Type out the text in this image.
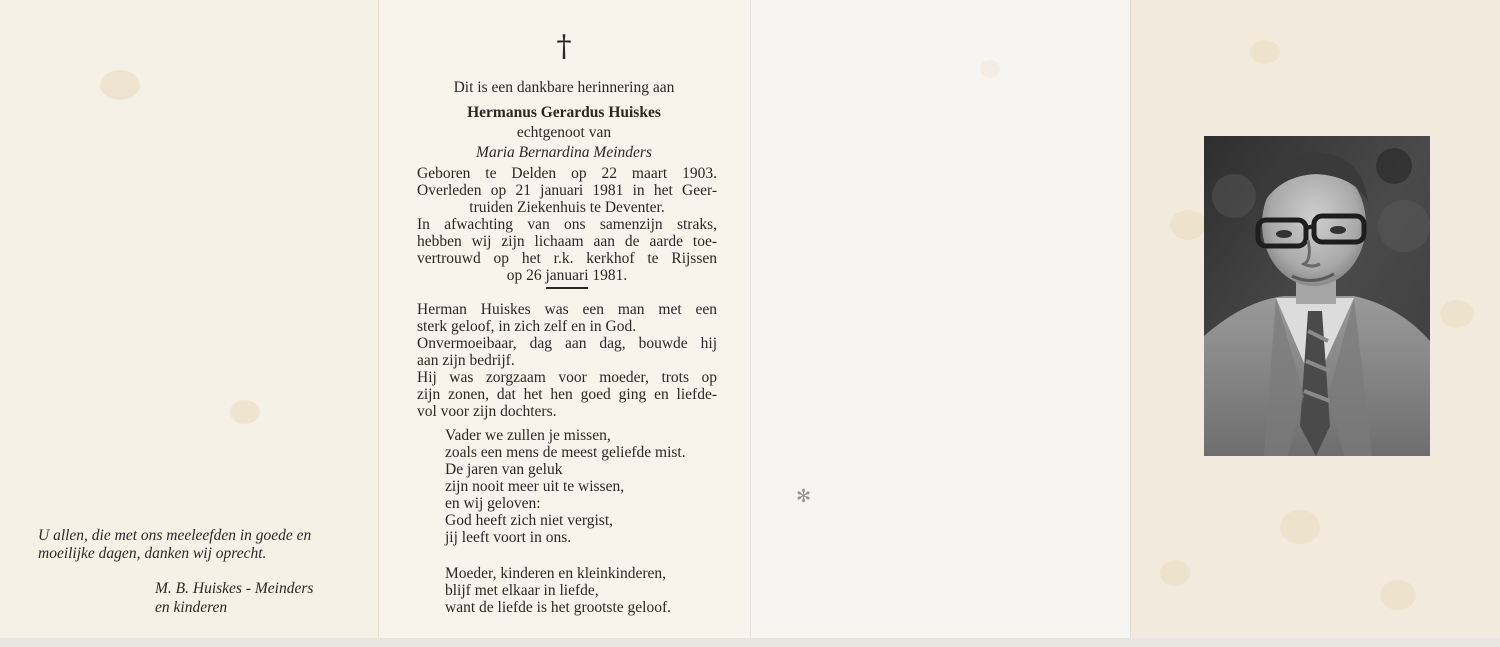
U allen, die met ons meeleefden in goede en
moeilijke dagen, danken wij oprecht.
M. B. Huiskes - Meinders
en kinderen
†
Dit is een dankbare herinnering aan
Hermanus Gerardus Huiskes
echtgenoot van
Maria Bernardina Meinders
Geboren te Delden op 22 maart 1903.
Overleden op 21 januari 1981 in het Geer-
truiden Ziekenhuis te Deventer.
In afwachting van ons samenzijn straks,
hebben wij zijn lichaam aan de aarde toe-
vertrouwd op het r.k. kerkhof te Rijssen
op 26 januari 1981.
Herman Huiskes was een man met een
sterk geloof, in zich zelf en in God.
Onvermoeibaar, dag aan dag, bouwde hij
aan zijn bedrijf.
Hij was zorgzaam voor moeder, trots op
zijn zonen, dat het hen goed ging en liefde-
vol voor zijn dochters.
Vader we zullen je missen,
zoals een mens de meest geliefde mist.
De jaren van geluk
zijn nooit meer uit te wissen,
en wij geloven:
God heeft zich niet vergist,
jij leeft voort in ons.
Moeder, kinderen en kleinkinderen,
blijf met elkaar in liefde,
want de liefde is het grootste geloof.
✻
